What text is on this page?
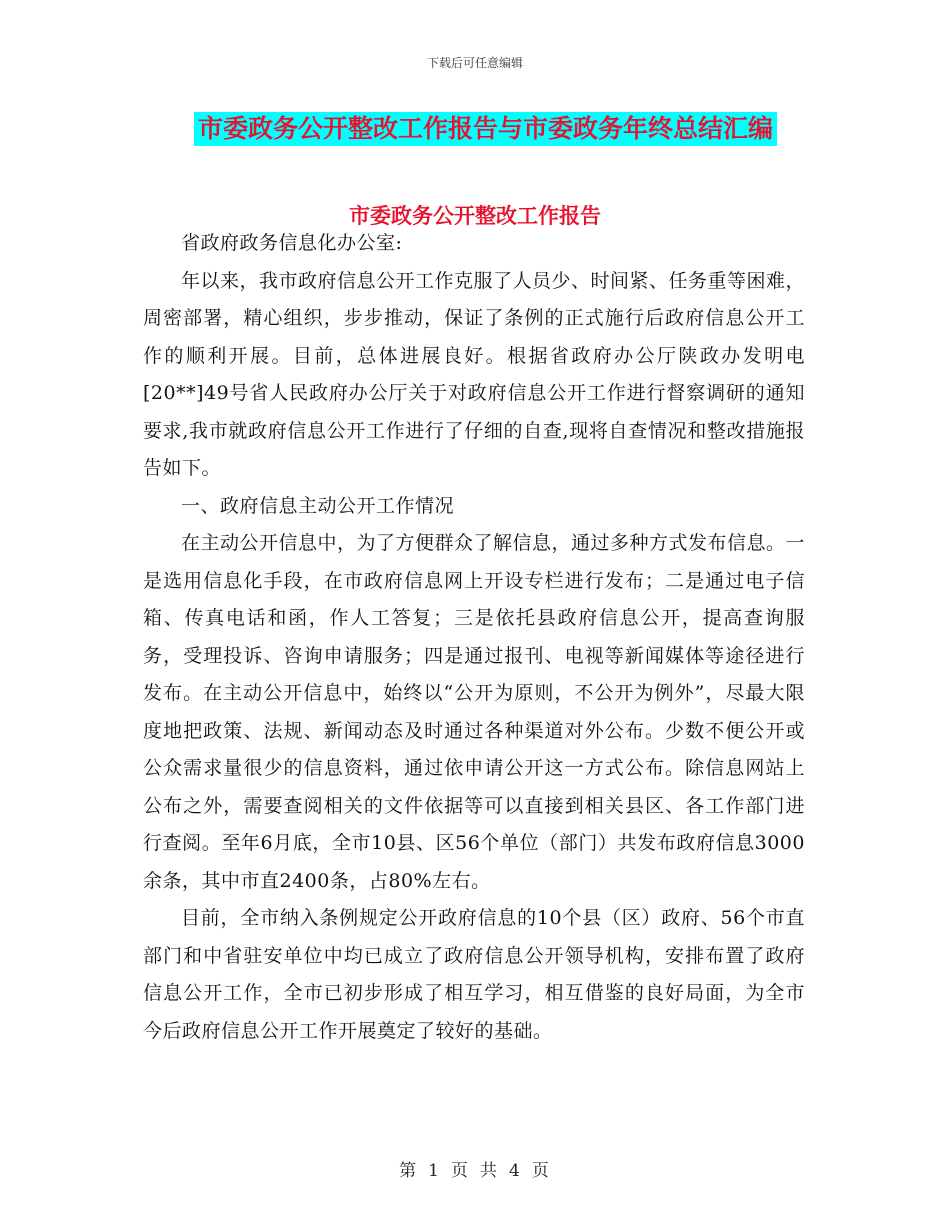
下载后可任意编辑
市委政务公开整改工作报告与市委政务年终总结汇编
市委政务公开整改工作报告

省政府政务信息化办公室:

年以来，我市政府信息公开工作克服了人员少、时间紧、任务重等困难，周密部署，精心组织，步步推动，保证了条例的正式施行后政府信息公开工作的顺利开展。目前，总体进展良好。根据省政府办公厅陕政办发明电[20**]49号省人民政府办公厅关于对政府信息公开工作进行督察调研的通知要求,我市就政府信息公开工作进行了仔细的自查,现将自查情况和整改措施报告如下。

一、政府信息主动公开工作情况

在主动公开信息中，为了方便群众了解信息，通过多种方式发布信息。一是选用信息化手段，在市政府信息网上开设专栏进行发布；二是通过电子信箱、传真电话和函，作人工答复；三是依托县政府信息公开，提高查询服务，受理投诉、咨询申请服务；四是通过报刊、电视等新闻媒体等途径进行发布。在主动公开信息中，始终以“公开为原则，不公开为例外”，尽最大限度地把政策、法规、新闻动态及时通过各种渠道对外公布。少数不便公开或公众需求量很少的信息资料，通过依申请公开这一方式公布。除信息网站上公布之外，需要查阅相关的文件依据等可以直接到相关县区、各工作部门进行查阅。至年6月底，全市10县、区56个单位（部门）共发布政府信息3000余条，其中市直2400条，占80%左右。

目前，全市纳入条例规定公开政府信息的10个县（区）政府、56个市直部门和中省驻安单位中均已成立了政府信息公开领导机构，安排布置了政府信息公开工作，全市已初步形成了相互学习，相互借鉴的良好局面，为全市今后政府信息公开工作开展奠定了较好的基础。

第 1 页 共 4 页
